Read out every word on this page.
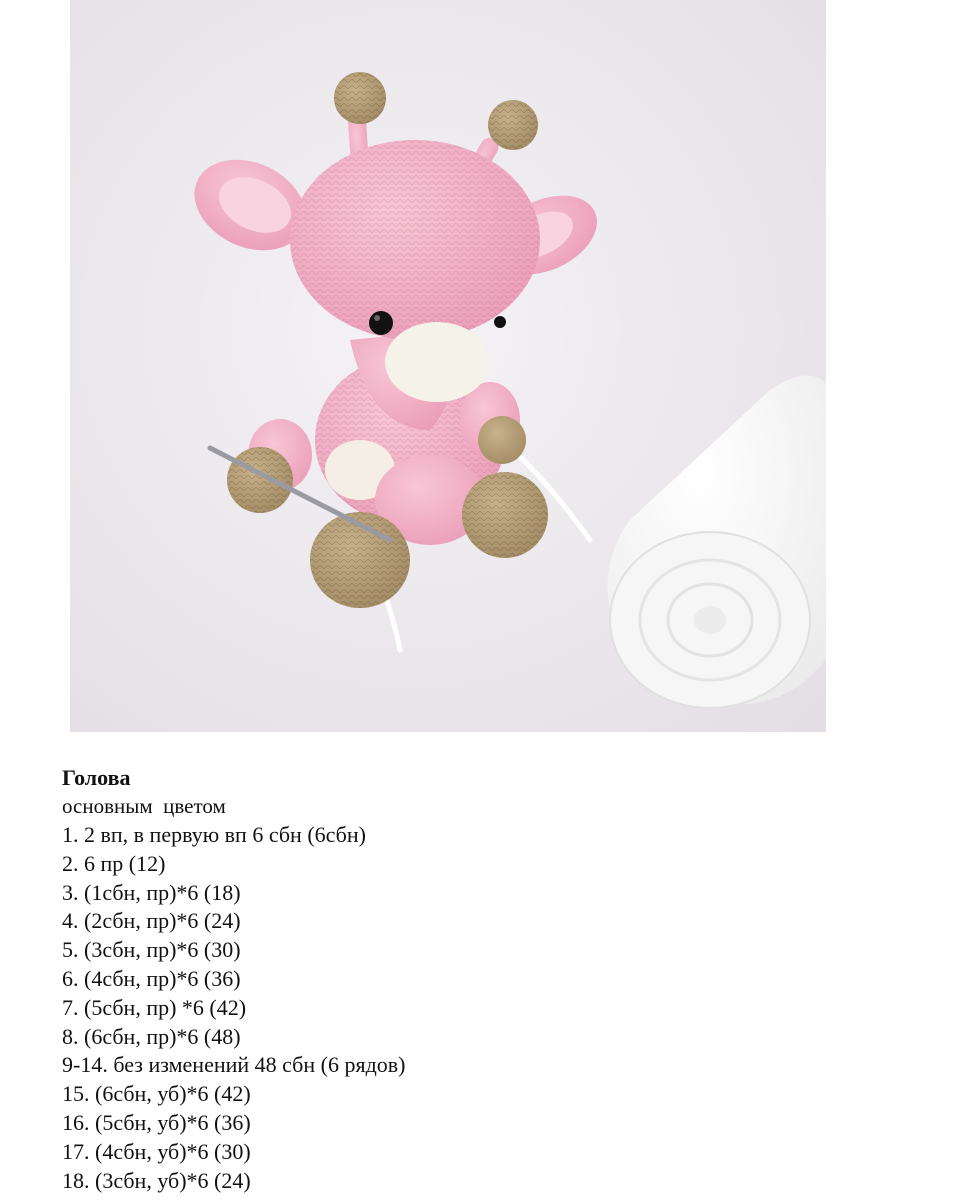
Голова

основным  цветом

1. 2 вп, в первую вп 6 сбн (6сбн)
2. 6 пр (12)
3. (1сбн, пр)*6 (18)
4. (2сбн, пр)*6 (24)
5. (3сбн, пр)*6 (30)
6. (4сбн, пр)*6 (36)
7. (5сбн, пр) *6 (42)
8. (6сбн, пр)*6 (48)
9-14. без изменений 48 сбн (6 рядов)
15. (6сбн, уб)*6 (42)
16. (5сбн, уб)*6 (36)
17. (4сбн, уб)*6 (30)
18. (3сбн, уб)*6 (24)
